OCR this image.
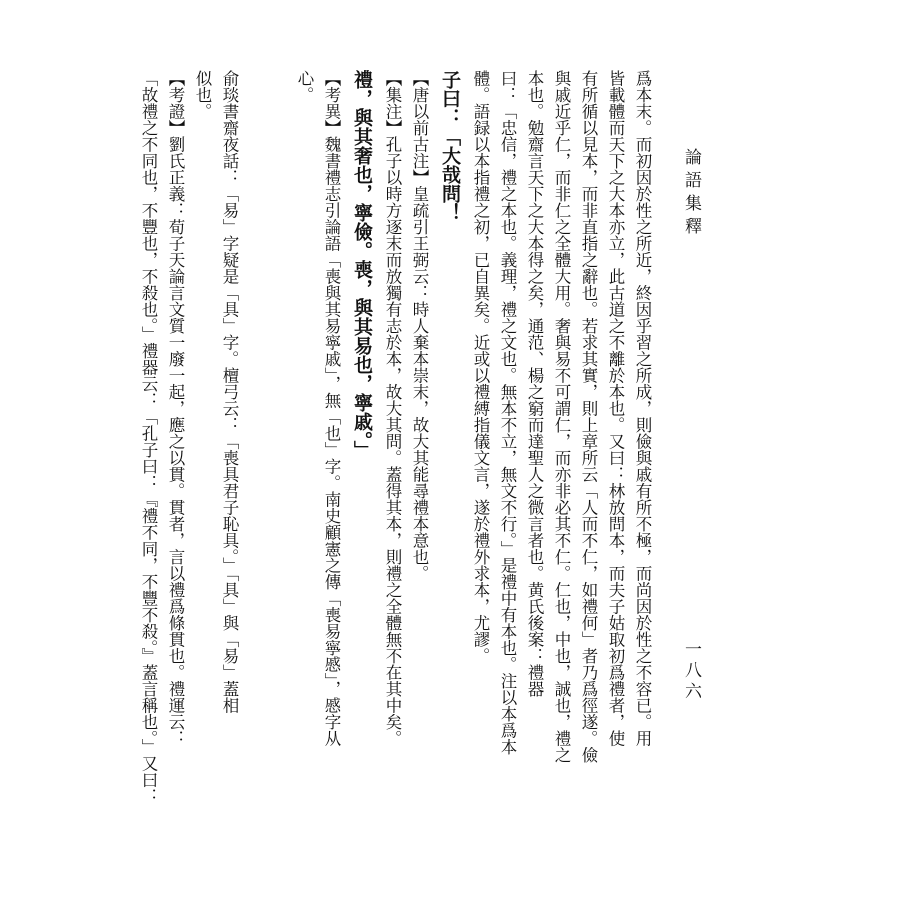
論語集釋
一八六

爲本末。而初因於性之所近，終因乎習之所成，則儉與戚有所不極，而尚因於性之不容已。用

皆載體而天下之大本亦立，此古道之不離於本也。又曰：林放問本，而夫子姑取初爲禮者，使

有所循以見本，而非直指之辭也。若求其實，則上章所云「人而不仁，如禮何」者乃爲徑遂。儉

與戚近乎仁，而非仁之全體大用。奢與易不可謂仁，而亦非必其不仁。仁也，中也，誠也，禮之

本也。勉齋言天下之大本得之矣，通范、楊之窮而達聖人之微言者也。黄氏後案：禮器

曰：「忠信，禮之本也。義理，禮之文也。無本不立，無文不行。」是禮中有本也。注以本爲本

體。語録以本指禮之初，已自異矣。近或以禮縛指儀文言，遂於禮外求本，尤謬。

子曰：「大哉問！

【唐以前古注】皇疏引王弼云：時人棄本崇末，故大其能尋禮本意也。

【集注】孔子以時方逐末而放獨有志於本，故大其問。蓋得其本，則禮之全體無不在其中矣。

禮，與其奢也，寧儉。喪，與其易也，寧戚。」

【考異】魏書禮志引論語「喪與其易寧戚」，無「也」字。南史顧憲之傳「喪易寧慼」，慼字从

心。

俞琰書齋夜話：「易」字疑是「具」字。檀弓云：「喪具君子恥具。」「具」與「易」蓋相

似也。

【考證】劉氏正義：荀子天論言文質一廢一起，應之以貫。貫者，言以禮爲條貫也。禮運云：

「故禮之不同也，不豐也，不殺也。」禮器云：「孔子曰：『禮不同，不豐不殺。』蓋言稱也。」又曰：
